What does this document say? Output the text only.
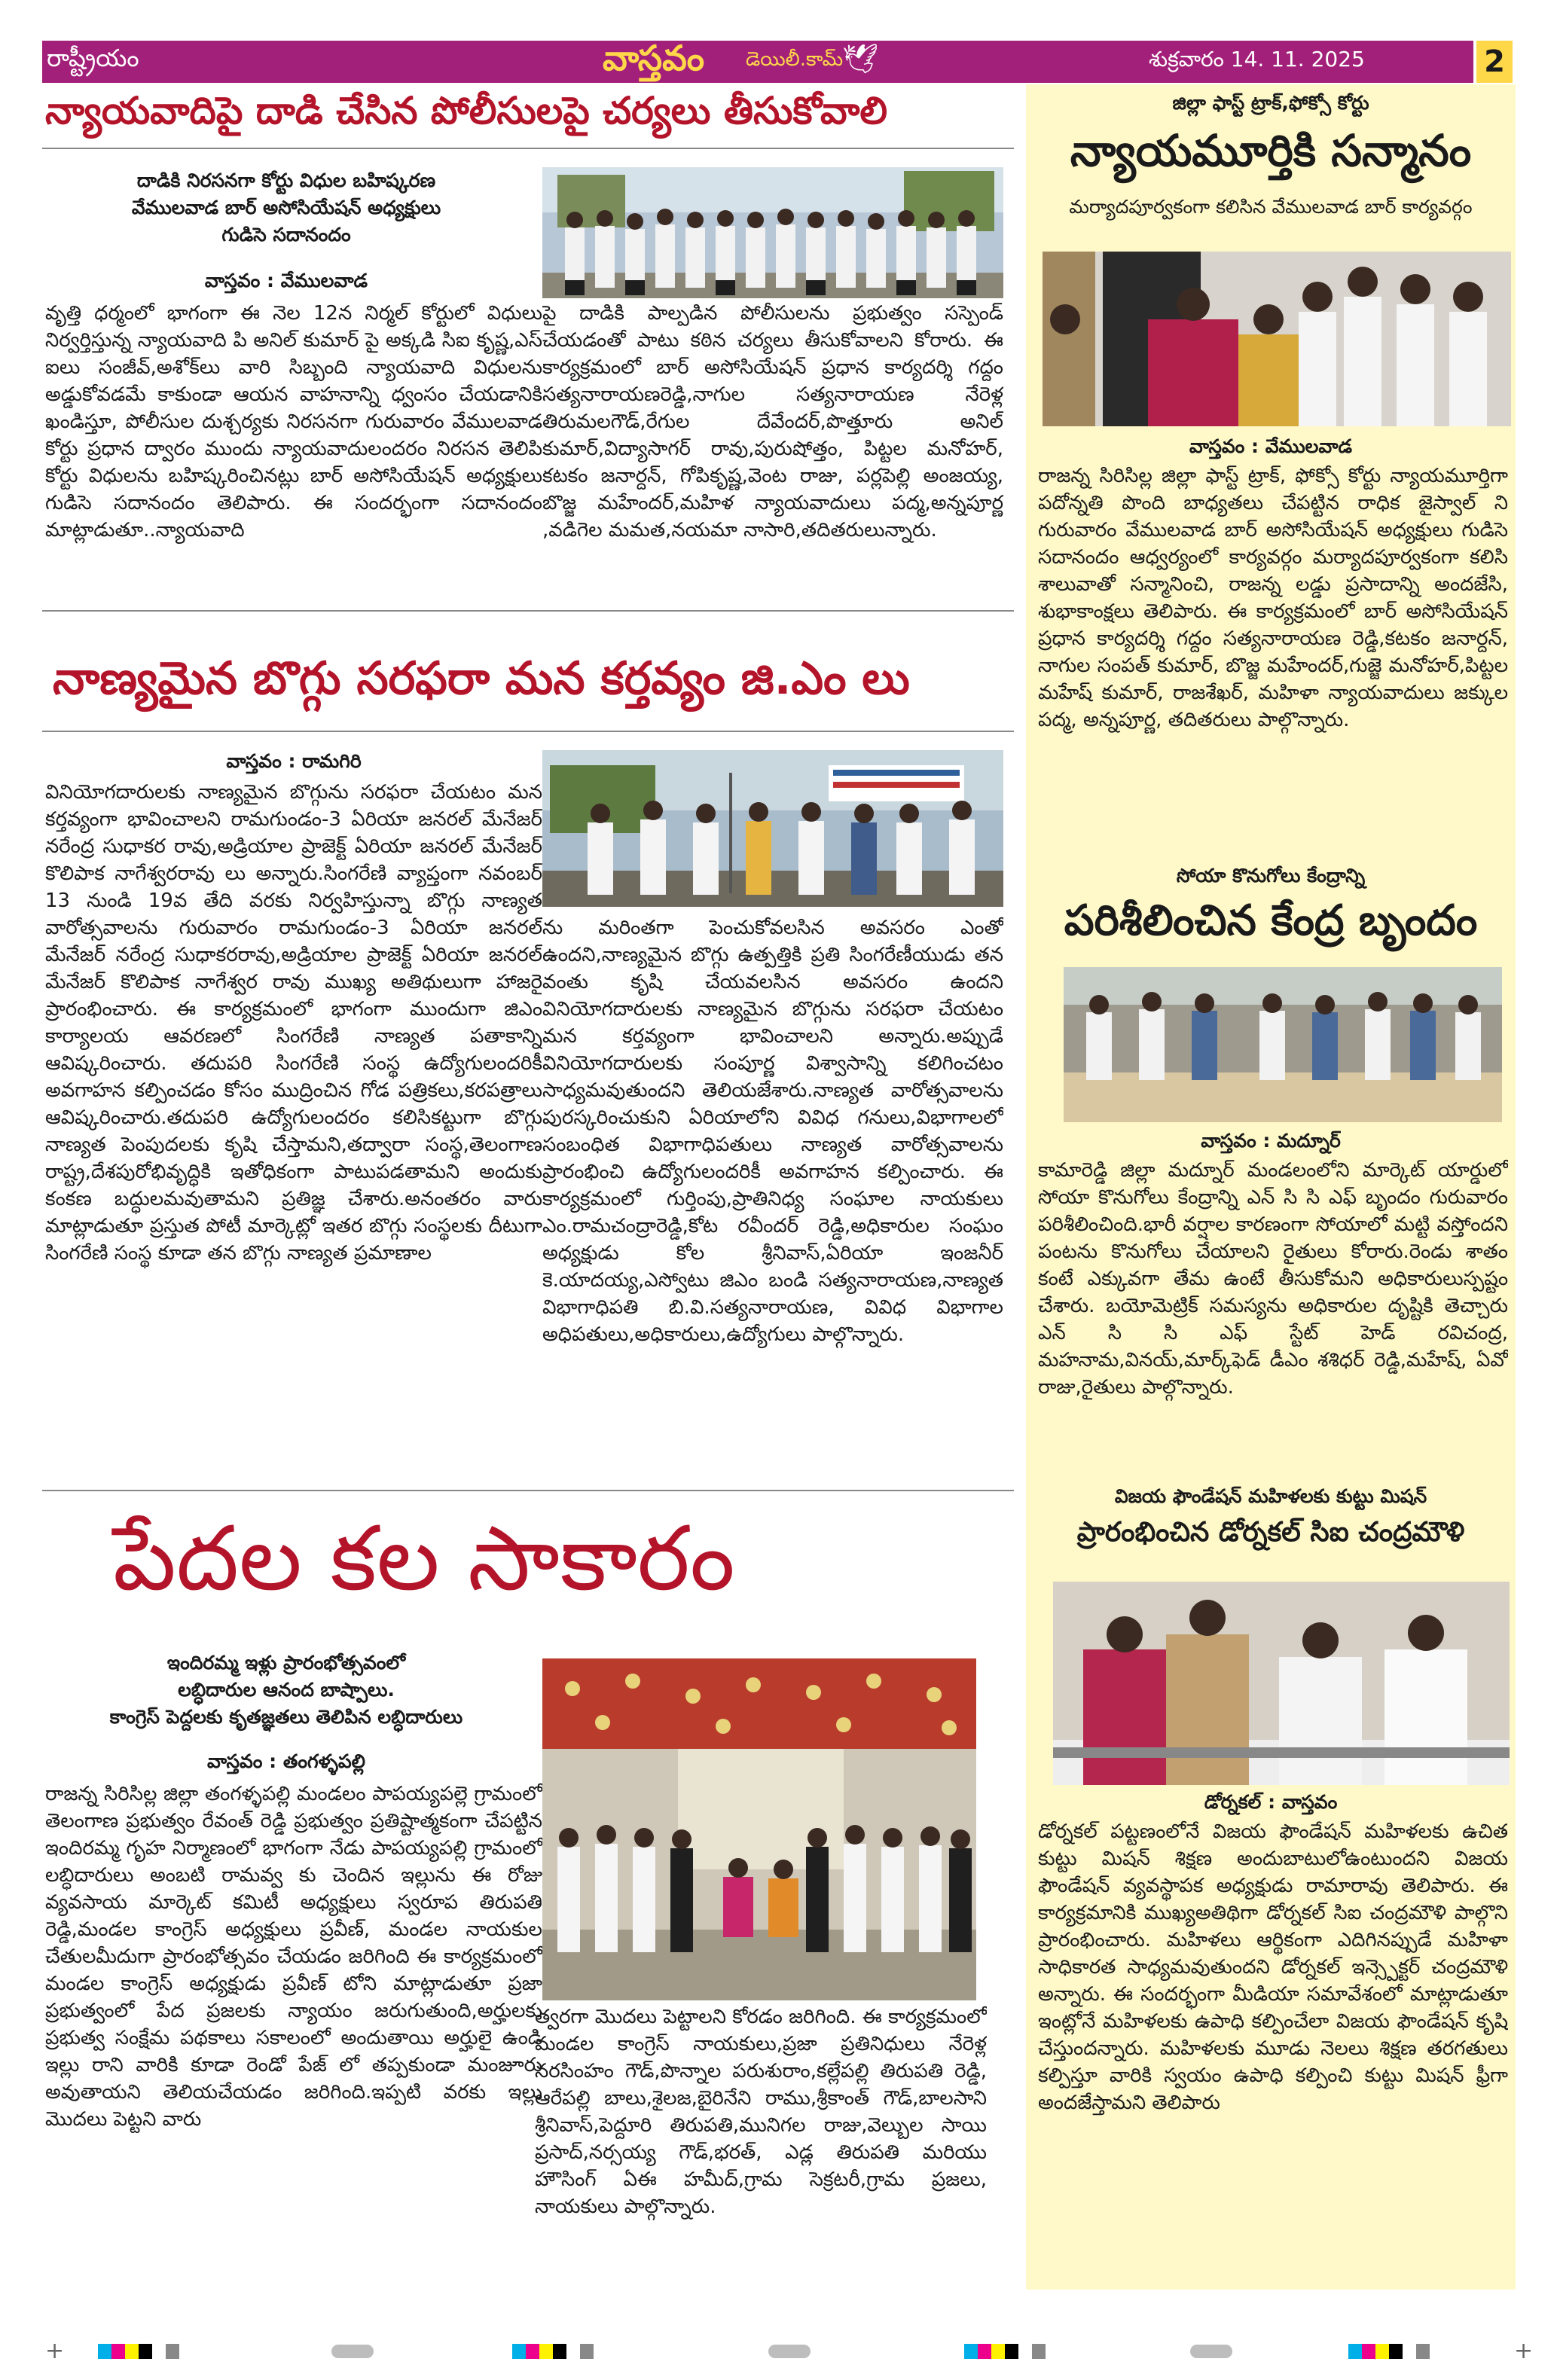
రాష్ట్రీయం	వాస్తవం డెయిలీ.కామ్
🕊	శుక్రవారం 14. 11. 2025	2
న్యాయవాదిపై దాడి చేసిన పోలీసులపై చర్యలు తీసుకోవాలి
దాడికి నిరసనగా కోర్టు విధుల బహిష్కరణ
వేములవాడ బార్ అసోసియేషన్ అధ్యక్షులు
గుడిసె సదానందం
వాస్తవం : వేములవాడ
వృత్తి ధర్మంలో భాగంగా ఈ నెల 12న నిర్మల్ కోర్టులో విధులు నిర్వర్తిస్తున్న న్యాయవాది పి అనిల్ కుమార్ పై అక్కడి సిఐ కృష్ణ,ఎస్ ఐలు సంజీవ్,అశోక్‌లు వారి సిబ్బంది న్యాయవాది విధులను అడ్డుకోవడమే కాకుండా ఆయన వాహనాన్ని ధ్వంసం చేయడానికి ఖండిస్తూ, పోలీసుల దుశ్చర్యకు నిరసనగా గురువారం వేములవాడ కోర్టు ప్రధాన ద్వారం ముందు న్యాయవాదులందరం నిరసన తెలిపి కోర్టు విధులను బహిష్కరించినట్లు బార్ అసోసియేషన్ అధ్యక్షులు గుడిసె సదానందం తెలిపారు. ఈ సందర్భంగా సదానందం మాట్లాడుతూ..న్యాయవాది
పై దాడికి పాల్పడిన పోలీసులను ప్రభుత్వం సస్పెండ్ చేయడంతో పాటు కఠిన చర్యలు తీసుకోవాలని కోరారు. ఈ కార్యక్రమంలో బార్ అసోసియేషన్ ప్రధాన కార్యదర్శి గద్దం సత్యనారాయణరెడ్డి,నాగుల సత్యనారాయణ నేరెళ్ల తిరుమలగౌడ్,రేగుల దేవేందర్,పొత్తూరు అనిల్ కుమార్,విద్యాసాగర్ రావు,పురుషోత్తం, పిట్టల మనోహర్, కటకం జనార్దన్, గోపికృష్ణ,వెంట రాజు, పర్లపెల్లి అంజయ్య, బొజ్జ మహేందర్,మహిళ న్యాయవాదులు పద్మ,అన్నపూర్ణ ,వడిగెల మమత,నయమా నాసారి,తదితరులున్నారు.
నాణ్యమైన బొగ్గు సరఫరా మన కర్తవ్యం జి.ఎం లు
వాస్తవం : రామగిరి
వినియోగదారులకు నాణ్యమైన బొగ్గును సరఫరా చేయటం మన కర్తవ్యంగా భావించాలని రామగుండం-3 ఏరియా జనరల్ మేనేజర్ నరేంద్ర సుధాకర రావు,అడ్రియాల ప్రాజెక్ట్ ఏరియా జనరల్ మేనేజర్ కొలిపాక నాగేశ్వరరావు లు అన్నారు.సింగరేణి వ్యాప్తంగా నవంబర్ 13 నుండి 19వ తేది వరకు నిర్వహిస్తున్నా బొగ్గు నాణ్యత వారోత్సవాలను గురువారం రామగుండం-3 ఏరియా జనరల్ మేనేజర్ నరేంద్ర సుధాకరరావు,అడ్రియాల ప్రాజెక్ట్ ఏరియా జనరల్ మేనేజర్ కొలిపాక నాగేశ్వర రావు ముఖ్య అతిథులుగా హాజరై ప్రారంభించారు. ఈ కార్యక్రమంలో భాగంగా ముందుగా జిఎం కార్యాలయ ఆవరణలో సింగరేణి నాణ్యత పతాకాన్ని ఆవిష్కరించారు. తదుపరి సింగరేణి సంస్థ ఉద్యోగులందరికీ అవగాహన కల్పించడం కోసం ముద్రించిన గోడ పత్రికలు,కరపత్రాలు ఆవిష్కరించారు.తదుపరి ఉద్యోగులందరం కలిసికట్టుగా బొగ్గు నాణ్యత పెంపుదలకు కృషి చేస్తామని,తద్వారా సంస్థ,తెలంగాణ రాష్ట్ర,దేశపురోభివృద్ధికి ఇతోధికంగా పాటుపడతామని అందుకు కంకణ బద్ధులమవుతామని ప్రతిజ్ఞ చేశారు.అనంతరం వారు మాట్లాడుతూ ప్రస్తుత పోటీ మార్కెట్లో ఇతర బొగ్గు సంస్థలకు దీటుగా సింగరేణి సంస్థ కూడా తన బొగ్గు నాణ్యత ప్రమాణాల
ను మరింతగా పెంచుకోవలసిన అవసరం ఎంతో ఉందని,నాణ్యమైన బొగ్గు ఉత్పత్తికి ప్రతి సింగరేణీయుడు తన వంతు కృషి చేయవలసిన అవసరం ఉందని వినియోగదారులకు నాణ్యమైన బొగ్గును సరఫరా చేయటం మన కర్తవ్యంగా భావించాలని అన్నారు.అప్పుడే వినియోగదారులకు సంపూర్ణ విశ్వాసాన్ని కలిగించటం సాధ్యమవుతుందని తెలియజేశారు.నాణ్యత వారోత్సవాలను పురస్కరించుకుని ఏరియాలోని వివిధ గనులు,విభాగాలలో సంబంధిత విభాగాధిపతులు నాణ్యత వారోత్సవాలను ప్రారంభించి ఉద్యోగులందరికీ అవగాహన కల్పించారు. ఈ కార్యక్రమంలో గుర్తింపు,ప్రాతినిధ్య సంఘాల నాయకులు ఎం.రామచంద్రారెడ్డి,కోట రవీందర్ రెడ్డి,అధికారుల సంఘం అధ్యక్షుడు కోల శ్రీనివాస్,ఏరియా ఇంజనీర్ కె.యాదయ్య,ఎస్వోటు జిఎం బండి సత్యనారాయణ,నాణ్యత విభాగాధిపతి బి.వి.సత్యనారాయణ, వివిధ విభాగాల అధిపతులు,అధికారులు,ఉద్యోగులు పాల్గొన్నారు.
పేదల కల సాకారం
ఇందిరమ్మ ఇళ్లు ప్రారంభోత్సవంలో
లబ్ధిదారుల ఆనంద బాష్పాలు.
కాంగ్రెస్ పెద్దలకు కృతజ్ఞతలు తెలిపిన లబ్ధిదారులు
వాస్తవం : తంగళ్ళపల్లి
రాజన్న సిరిసిల్ల జిల్లా తంగళ్ళపల్లి మండలం పాపయ్యపల్లె గ్రామంలో తెలంగాణ ప్రభుత్వం రేవంత్ రెడ్డి ప్రభుత్వం ప్రతిష్టాత్మకంగా చేపట్టిన ఇందిరమ్మ గృహ నిర్మాణంలో భాగంగా నేడు పాపయ్యపల్లి గ్రామంలో లబ్ధిదారులు అంబటి రామవ్వ కు చెందిన ఇల్లును ఈ రోజు వ్యవసాయ మార్కెట్ కమిటీ అధ్యక్షులు స్వరూప తిరుపతి రెడ్డి,మండల కాంగ్రెస్ అధ్యక్షులు ప్రవీణ్, మండల నాయకుల చేతులమీదుగా ప్రారంభోత్సవం చేయడం జరిగింది ఈ కార్యక్రమంలో మండల కాంగ్రెస్ అధ్యక్షుడు ప్రవీణ్ టోని మాట్లాడుతూ ప్రజా ప్రభుత్వంలో పేద ప్రజలకు న్యాయం జరుగుతుంది,అర్హులకు ప్రభుత్వ సంక్షేమ పథకాలు సకాలంలో అందుతాయి అర్హులై ఉండి ఇల్లు రాని వారికి కూడా రెండో పేజ్ లో తప్పకుండా మంజూరు అవుతాయని తెలియచేయడం జరిగింది.ఇప్పటి వరకు ఇల్లు మొదలు పెట్టని వారు
త్వరగా మొదలు పెట్టాలని కోరడం జరిగింది. ఈ కార్యక్రమంలో మండల కాంగ్రెస్ నాయకులు,ప్రజా ప్రతినిధులు నేరెళ్ల నరసింహం గౌడ్,పొన్నాల పరుశురాం,కల్లేపల్లి తిరుపతి రెడ్డి, ఆరేపల్లి బాలు,శైలజ,బైరినేని రాము,శ్రీకాంత్ గౌడ్,బాలసాని శ్రీనివాస్,పెద్దూరి తిరుపతి,మునిగల రాజు,వెల్బుల సాయి ప్రసాద్,నర్సయ్య గౌడ్,భరత్, ఎడ్ల తిరుపతి మరియు హౌసింగ్ ఏఈ హమీద్,గ్రామ సెక్రటరీ,గ్రామ ప్రజలు, నాయకులు పాల్గొన్నారు.
జిల్లా ఫాస్ట్ ట్రాక్,ఫోక్సో కోర్టు
న్యాయమూర్తికి సన్మానం
మర్యాదపూర్వకంగా కలిసిన వేములవాడ బార్ కార్యవర్గం
వాస్తవం : వేములవాడ
రాజన్న సిరిసిల్ల జిల్లా ఫాస్ట్ ట్రాక్, ఫోక్సో కోర్టు న్యాయమూర్తిగా పదోన్నతి పొంది బాధ్యతలు చేపట్టిన రాధిక జైస్వాల్ ని గురువారం వేములవాడ బార్ అసోసియేషన్ అధ్యక్షులు గుడిసె సదానందం ఆధ్వర్యంలో కార్యవర్గం మర్యాదపూర్వకంగా కలిసి శాలువాతో సన్మానించి, రాజన్న లడ్డు ప్రసాదాన్ని అందజేసి, శుభాకాంక్షలు తెలిపారు. ఈ కార్యక్రమంలో బార్ అసోసియేషన్ ప్రధాన కార్యదర్శి గద్దం సత్యనారాయణ రెడ్డి,కటకం జనార్దన్, నాగుల సంపత్ కుమార్, బొజ్జ మహేందర్,గుజ్జె మనోహర్,పిట్టల మహేష్ కుమార్, రాజశేఖర్, మహిళా న్యాయవాదులు జక్కుల పద్మ, అన్నపూర్ణ, తదితరులు పాల్గొన్నారు.
సోయా కొనుగోలు కేంద్రాన్ని
పరిశీలించిన కేంద్ర బృందం
వాస్తవం : మద్నూర్
కామారెడ్డి జిల్లా మద్నూర్ మండలంలోని మార్కెట్ యార్డులో సోయా కొనుగోలు కేంద్రాన్ని ఎన్ సి సి ఎఫ్ బృందం గురువారం పరిశీలించింది.భారీ వర్షాల కారణంగా సోయాలో మట్టి వస్తోందని పంటను కొనుగోలు చేయాలని రైతులు కోరారు.రెండు శాతం కంటే ఎక్కువగా తేమ ఉంటే తీసుకోమని అధికారులుస్పష్టం చేశారు. బయోమెట్రిక్ సమస్యను అధికారుల దృష్టికి తెచ్చారు ఎన్ సి సి ఎఫ్ స్టేట్ హెడ్ రవిచంద్ర, మహనామ,వినయ్,మార్క్‌ఫెడ్ డీఎం శశిధర్ రెడ్డి,మహేష్, ఏవో రాజు,రైతులు పాల్గొన్నారు.
విజయ ఫౌండేషన్ మహిళలకు కుట్టు మిషన్
ప్రారంభించిన డోర్నకల్ సిఐ చంద్రమౌళి
డోర్నకల్ : వాస్తవం
డోర్నకల్ పట్టణంలోనే విజయ ఫౌండేషన్ మహిళలకు ఉచిత కుట్టు మిషన్ శిక్షణ అందుబాటులోఉంటుందని విజయ ఫౌండేషన్ వ్యవస్థాపక అధ్యక్షుడు రామారావు తెలిపారు. ఈ కార్యక్రమానికి ముఖ్యఅతిథిగా డోర్నకల్ సిఐ చంద్రమౌళి పాల్గొని ప్రారంభించారు. మహిళలు ఆర్థికంగా ఎదిగినప్పుడే మహిళా సాధికారత సాధ్యమవుతుందని డోర్నకల్ ఇన్స్పెక్టర్ చంద్రమౌళి అన్నారు. ఈ సందర్భంగా మీడియా సమావేశంలో మాట్లాడుతూ ఇంట్లోనే మహిళలకు ఉపాధి కల్పించేలా విజయ ఫౌండేషన్ కృషి చేస్తుందన్నారు. మహిళలకు మూడు నెలలు శిక్షణ తరగతులు కల్పిస్తూ వారికి స్వయం ఉపాధి కల్పించి కుట్టు మిషన్ ఫ్రీగా అందజేస్తామని తెలిపారు
+	+
